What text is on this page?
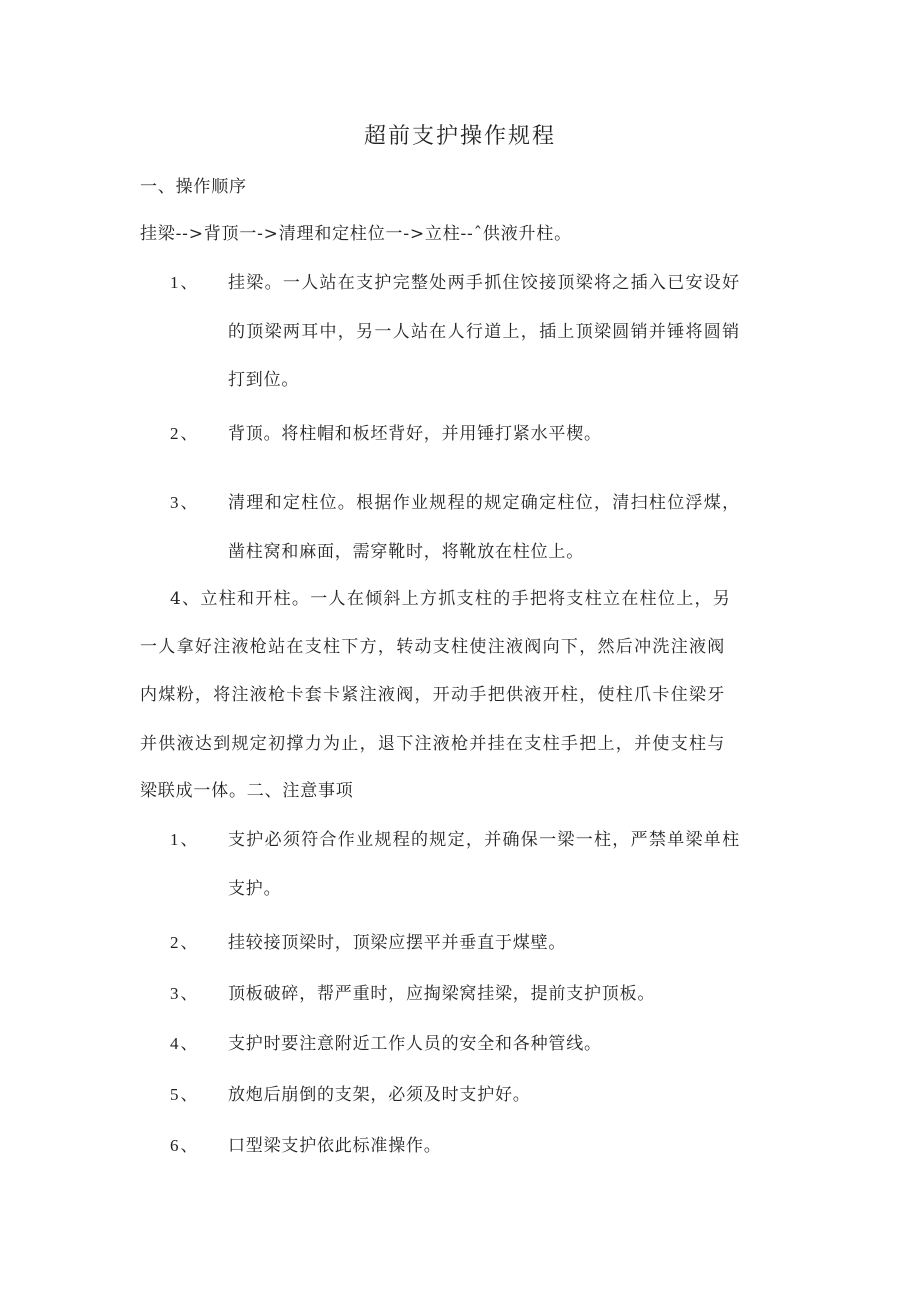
超前支护操作规程
一、操作顺序
挂梁-->背顶一->清理和定柱位一->立柱--ˆ供液升柱。
1、 挂梁。一人站在支护完整处两手抓住饺接顶梁将之插入已安设好
的顶梁两耳中，另一人站在人行道上，插上顶梁圆销并锤将圆销
打到位。
2、 背顶。将柱帽和板坯背好，并用锤打紧水平楔。
3、 清理和定柱位。根据作业规程的规定确定柱位，清扫柱位浮煤，
凿柱窝和麻面，需穿靴时，将靴放在柱位上。
4、立柱和开柱。一人在倾斜上方抓支柱的手把将支柱立在柱位上，另
一人拿好注液枪站在支柱下方，转动支柱使注液阀向下，然后冲洗注液阀
内煤粉，将注液枪卡套卡紧注液阀，开动手把供液开柱，使柱爪卡住梁牙
并供液达到规定初撑力为止，退下注液枪并挂在支柱手把上，并使支柱与
梁联成一体。二、注意事项
1、 支护必须符合作业规程的规定，并确保一梁一柱，严禁单梁单柱
支护。
2、 挂较接顶梁时，顶梁应摆平并垂直于煤壁。
3、 顶板破碎，帮严重时，应掏梁窝挂梁，提前支护顶板。
4、 支护时要注意附近工作人员的安全和各种管线。
5、 放炮后崩倒的支架，必须及时支护好。
6、 口型梁支护依此标准操作。
